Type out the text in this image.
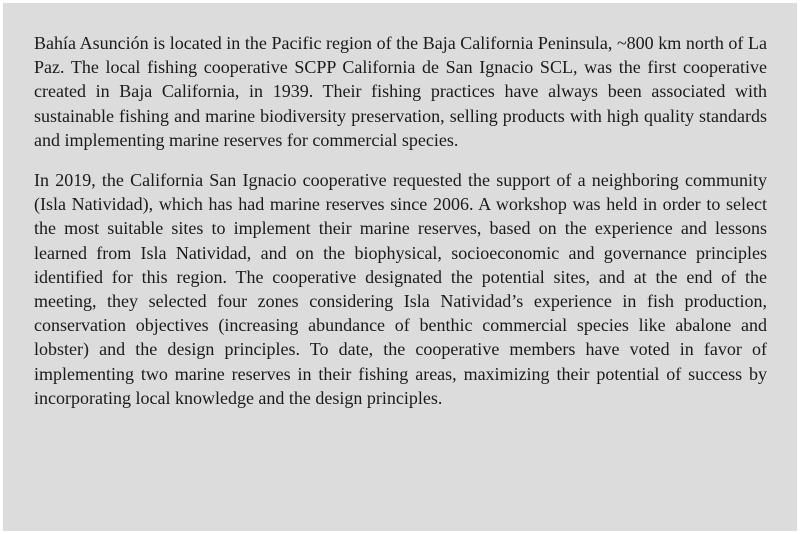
Bahía Asunción is located in the Pacific region of the Baja California Peninsula, ~800 km north of La Paz. The local fishing cooperative SCPP California de San Ignacio SCL, was the first cooperative created in Baja California, in 1939. Their fishing practices have always been associated with sustainable fishing and marine biodiversity preservation, selling products with high quality standards and implementing marine reserves for commercial species.

In 2019, the California San Ignacio cooperative requested the support of a neighboring community (Isla Natividad), which has had marine reserves since 2006. A workshop was held in order to select the most suitable sites to implement their marine reserves, based on the experience and lessons learned from Isla Natividad, and on the biophysical, socioeconomic and governance principles identified for this region. The cooperative designated the potential sites, and at the end of the meeting, they selected four zones considering Isla Natividad’s experience in fish production, conservation objectives (increasing abundance of benthic commercial species like abalone and lobster) and the design principles. To date, the cooperative members have voted in favor of implementing two marine reserves in their fishing areas, maximizing their potential of success by incorporating local knowledge and the design principles.
